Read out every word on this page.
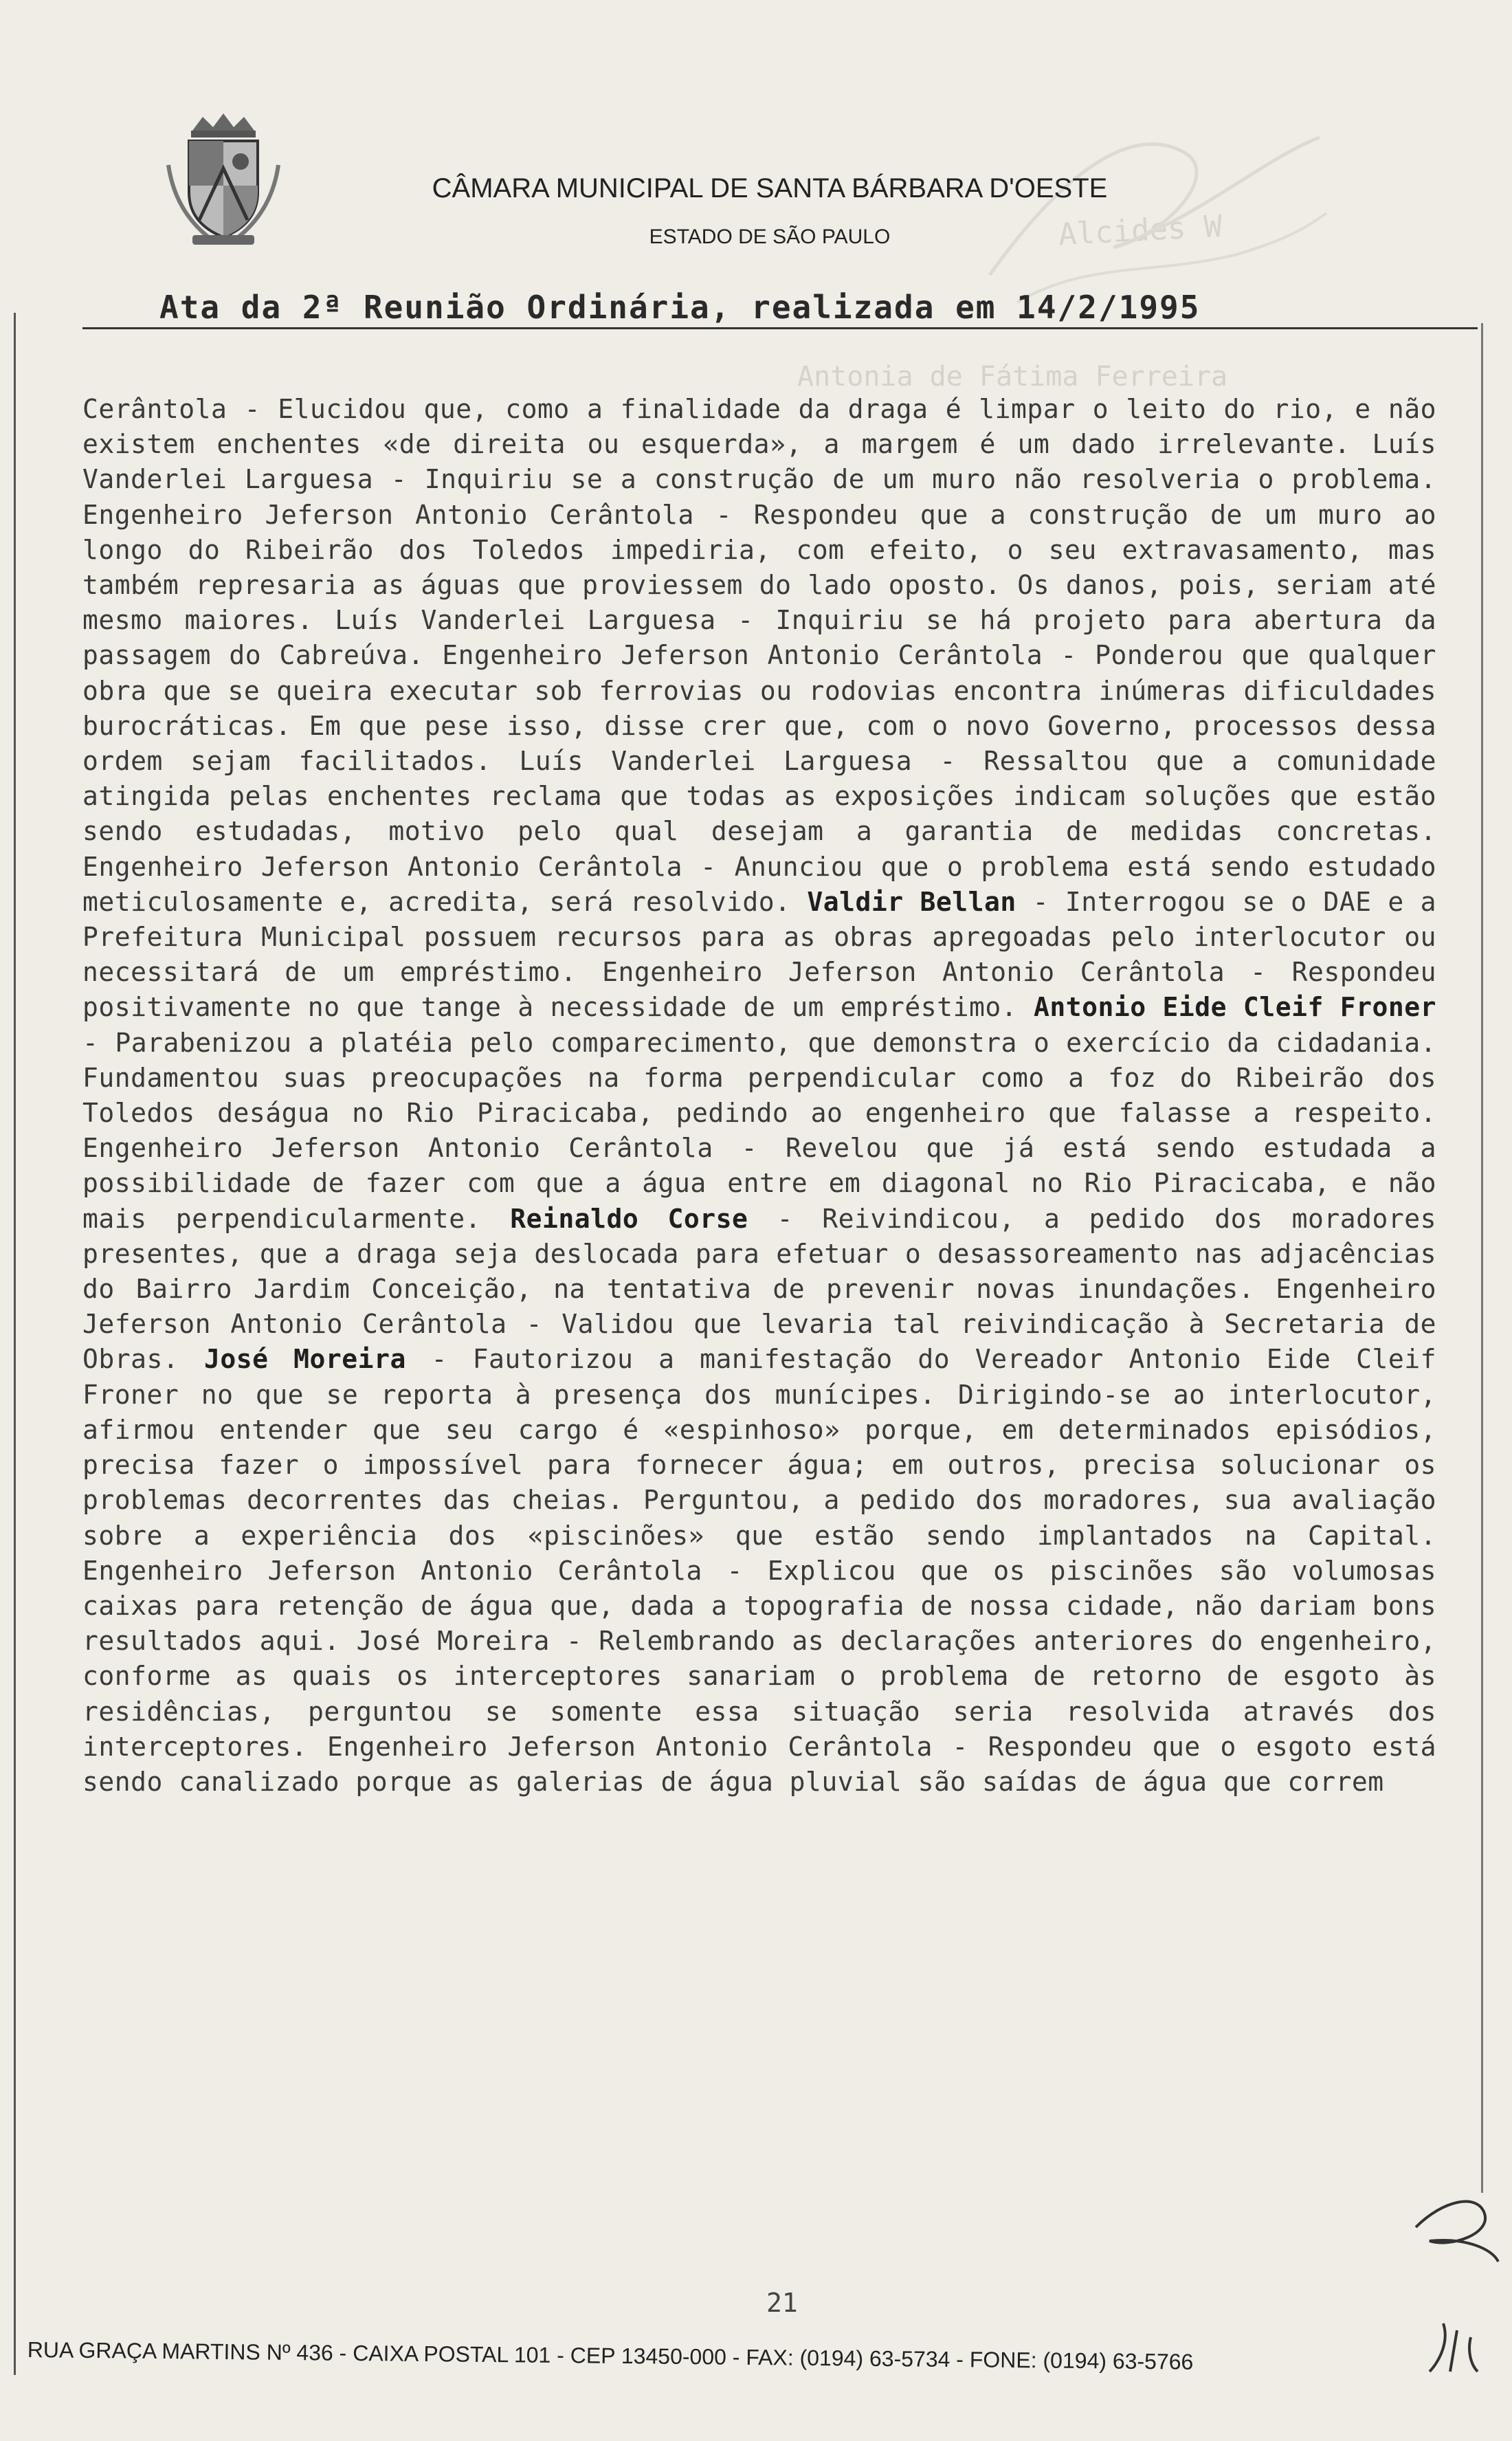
Alcides W
Antonia de Fátima Ferreira
CÂMARA MUNICIPAL DE SANTA BÁRBARA D'OESTE
ESTADO DE SÃO PAULO
Ata da 2ª Reunião Ordinária, realizada em 14/2/1995
Cerântola - Elucidou que, como a finalidade da draga é limpar o leito do rio, e não existem enchentes «de direita ou esquerda», a margem é um dado irrelevante. Luís Vanderlei Larguesa - Inquiriu se a construção de um muro não resolveria o problema. Engenheiro Jeferson Antonio Cerântola - Respondeu que a construção de um muro ao longo do Ribeirão dos Toledos impediria, com efeito, o seu extravasamento, mas também represaria as águas que proviessem do lado oposto. Os danos, pois, seriam até mesmo maiores. Luís Vanderlei Larguesa - Inquiriu se há projeto para abertura da passagem do Cabreúva. Engenheiro Jeferson Antonio Cerântola - Ponderou que qualquer obra que se queira executar sob ferrovias ou rodovias encontra inúmeras dificuldades burocráticas. Em que pese isso, disse crer que, com o novo Governo, processos dessa ordem sejam facilitados. Luís Vanderlei Larguesa - Ressaltou que a comunidade atingida pelas enchentes reclama que todas as exposições indicam soluções que estão sendo estudadas, motivo pelo qual desejam a garantia de medidas concretas. Engenheiro Jeferson Antonio Cerântola - Anunciou que o problema está sendo estudado meticulosamente e, acredita, será resolvido. Valdir Bellan - Interrogou se o DAE e a Prefeitura Municipal possuem recursos para as obras apregoadas pelo interlocutor ou necessitará de um empréstimo. Engenheiro Jeferson Antonio Cerântola - Respondeu positivamente no que tange à necessidade de um empréstimo. Antonio Eide Cleif Froner - Parabenizou a platéia pelo comparecimento, que demonstra o exercício da cidadania. Fundamentou suas preocupações na forma perpendicular como a foz do Ribeirão dos Toledos deságua no Rio Piracicaba, pedindo ao engenheiro que falasse a respeito. Engenheiro Jeferson Antonio Cerântola - Revelou que já está sendo estudada a possibilidade de fazer com que a água entre em diagonal no Rio Piracicaba, e não mais perpendicularmente. Reinaldo Corse - Reivindicou, a pedido dos moradores presentes, que a draga seja deslocada para efetuar o desassoreamento nas adjacências do Bairro Jardim Conceição, na tentativa de prevenir novas inundações. Engenheiro Jeferson Antonio Cerântola - Validou que levaria tal reivindicação à Secretaria de Obras. José Moreira - Fautorizou a manifestação do Vereador Antonio Eide Cleif Froner no que se reporta à presença dos munícipes. Dirigindo-se ao interlocutor, afirmou entender que seu cargo é «espinhoso» porque, em determinados episódios, precisa fazer o impossível para fornecer água; em outros, precisa solucionar os problemas decorrentes das cheias. Perguntou, a pedido dos moradores, sua avaliação sobre a experiência dos «piscinões» que estão sendo implantados na Capital. Engenheiro Jeferson Antonio Cerântola - Explicou que os piscinões são volumosas caixas para retenção de água que, dada a topografia de nossa cidade, não dariam bons resultados aqui. José Moreira - Relembrando as declarações anteriores do engenheiro, conforme as quais os interceptores sanariam o problema de retorno de esgoto às residências, perguntou se somente essa situação seria resolvida através dos interceptores. Engenheiro Jeferson Antonio Cerântola - Respondeu que o esgoto está sendo canalizado porque as galerias de água pluvial são saídas de água que correm
21
RUA GRAÇA MARTINS Nº 436 - CAIXA POSTAL 101 - CEP 13450-000 - FAX: (0194) 63-5734 - FONE: (0194) 63-5766
